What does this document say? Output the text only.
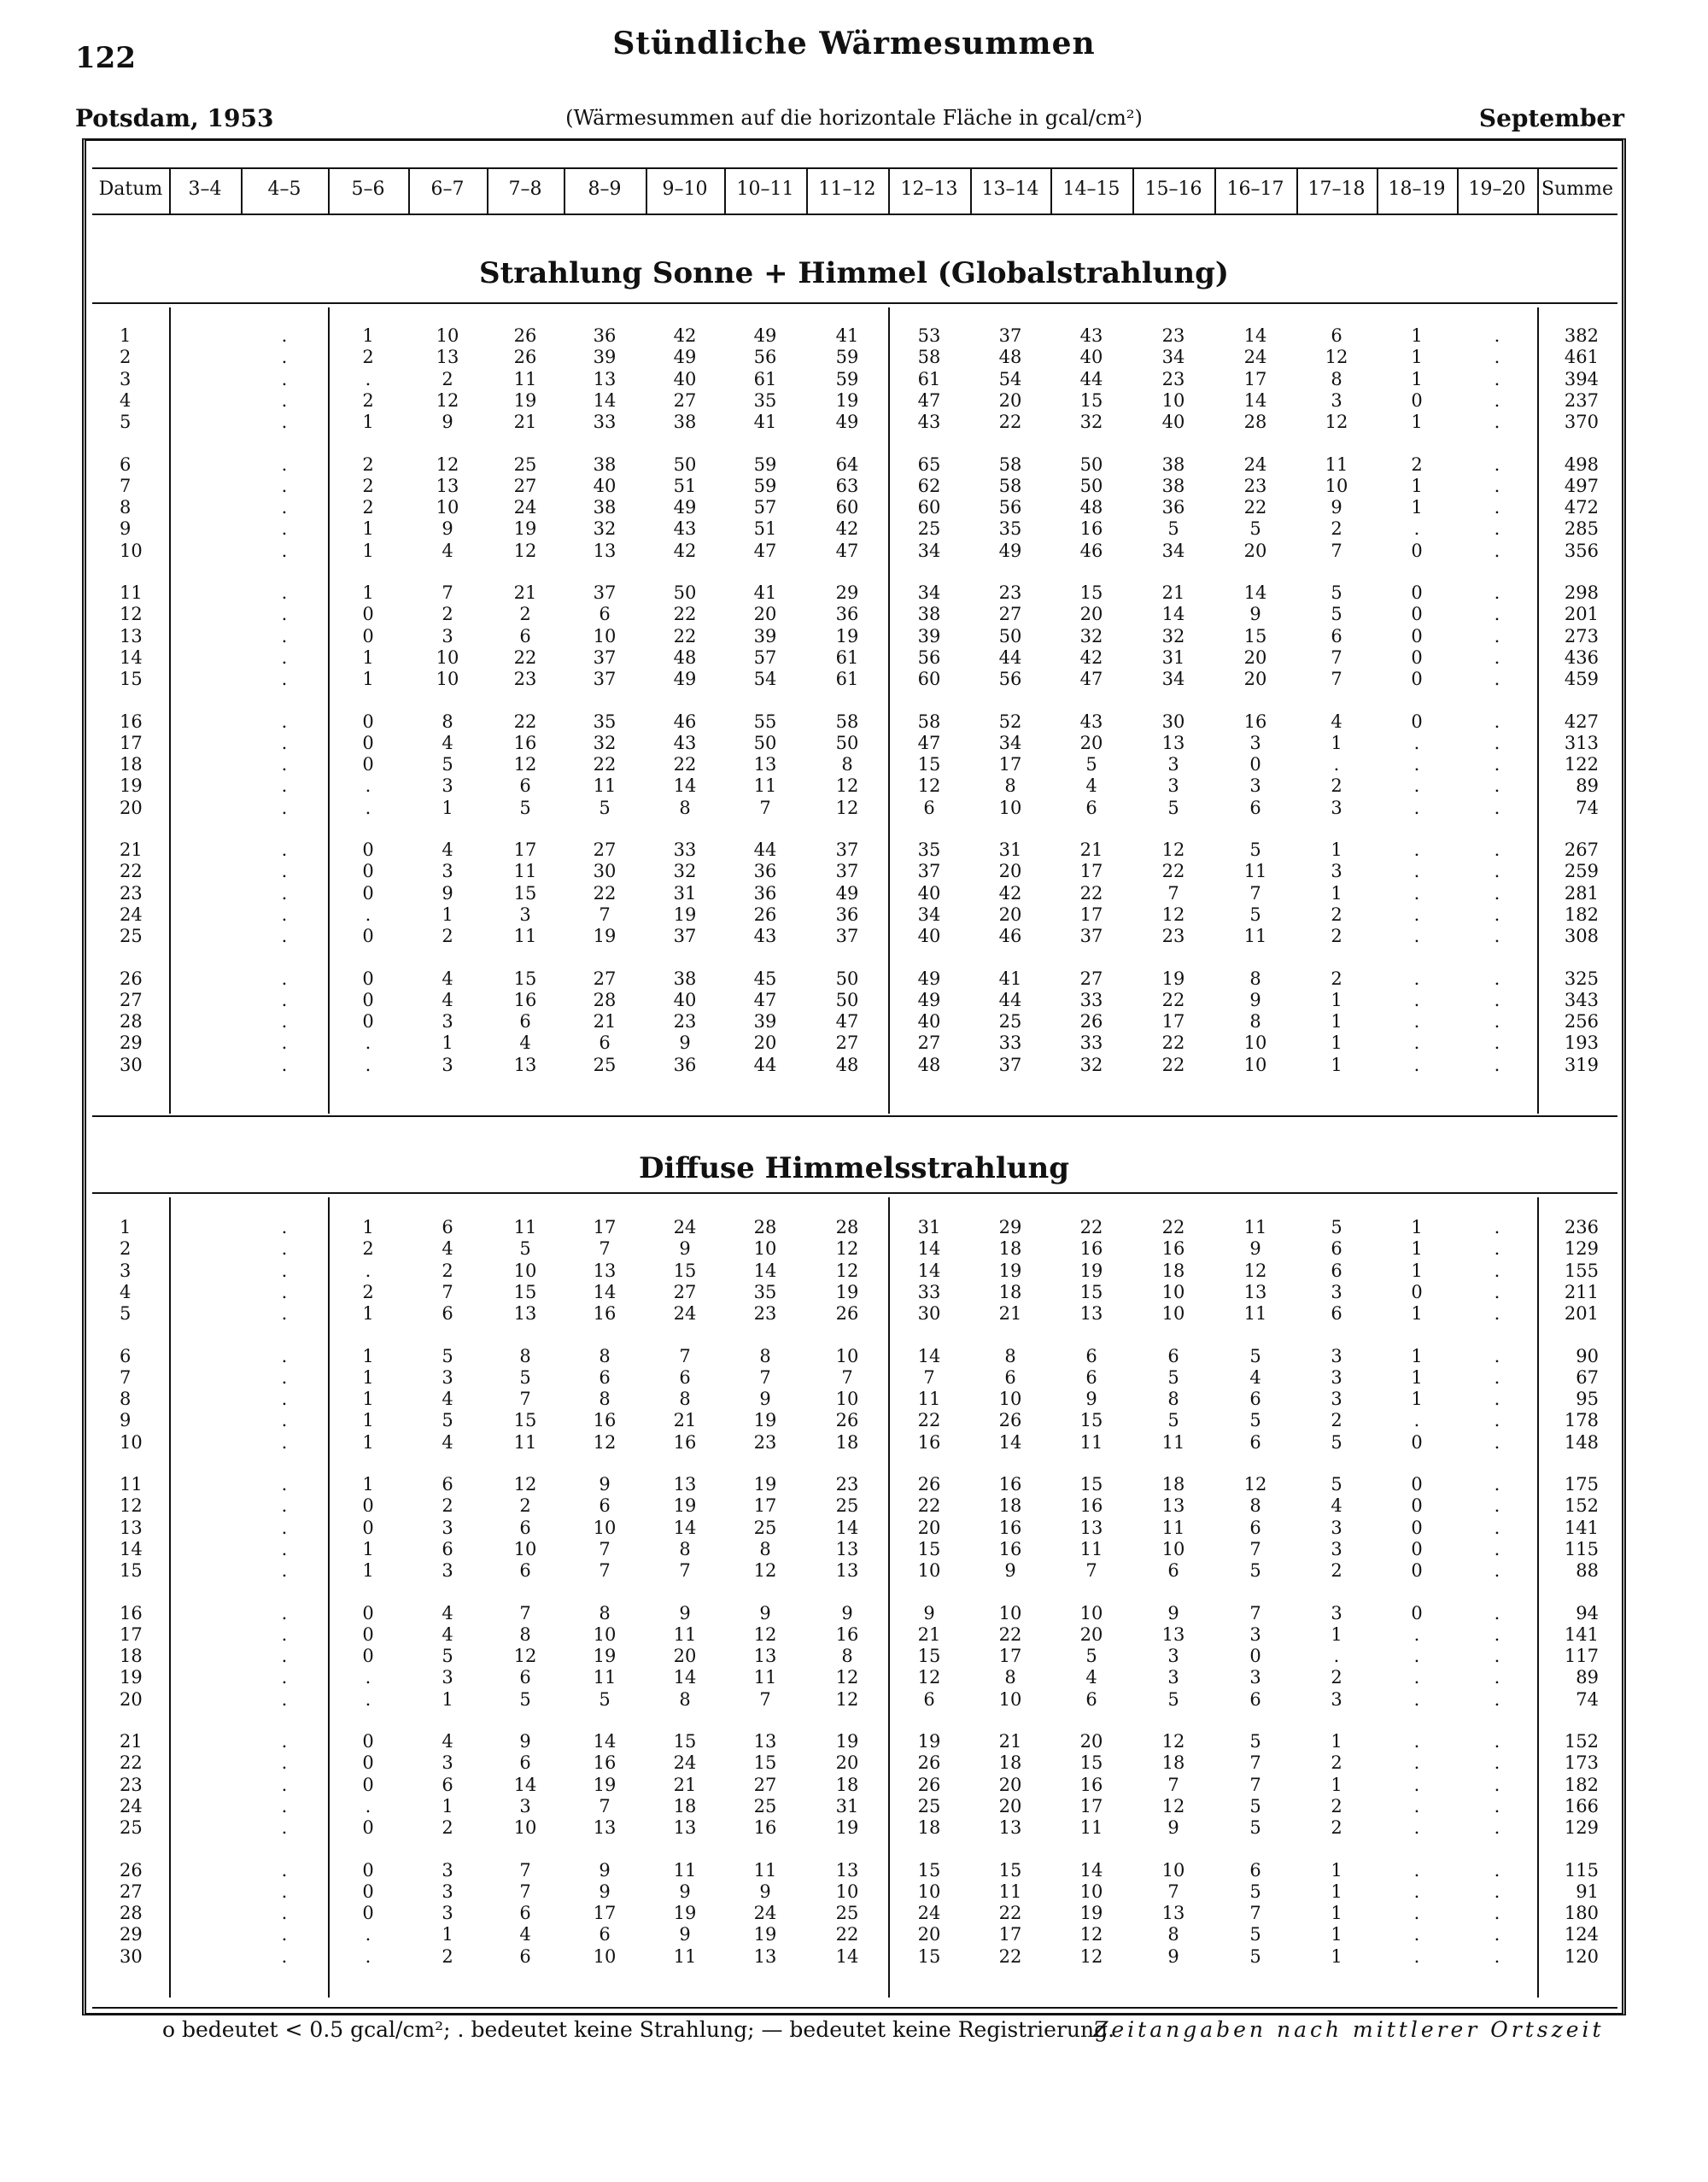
122	Stündliche Wärmesummen
Potsdam, 1953	(Wärmesummen auf die horizontale Fläche in gcal/cm²)	September
Datum	3–4	4–5	5–6	6–7	7–8	8–9	9–10	10–11	11–12	12–13	13–14	14–15	15–16	16–17	17–18	18–19	19–20 Summe
Strahlung Sonne + Himmel (Globalstrahlung)
1	.	1	10	26	36	42	49	41	53	37	43	23	14	6	1	.	382
2	.	2	13	26	39	49	56	59	58	48	40	34	24	12	1	.	461
3	.	.	2	11	13	40	61	59	61	54	44	23	17	8	1	.	394
4	.	2	12	19	14	27	35	19	47	20	15	10	14	3	0	.	237
5	.	1	9	21	33	38	41	49	43	22	32	40	28	12	1	.	370
6	.	2	12	25	38	50	59	64	65	58	50	38	24	11	2	.	498
7	.	2	13	27	40	51	59	63	62	58	50	38	23	10	1	.	497
8	.	2	10	24	38	49	57	60	60	56	48	36	22	9	1	.	472
9	.	1	9	19	32	43	51	42	25	35	16	5	5	2	.	.	285
10	.	1	4	12	13	42	47	47	34	49	46	34	20	7	0	.	356
11	.	1	7	21	37	50	41	29	34	23	15	21	14	5	0	.	298
12	.	0	2	2	6	22	20	36	38	27	20	14	9	5	0	.	201
13	.	0	3	6	10	22	39	19	39	50	32	32	15	6	0	.	273
14	.	1	10	22	37	48	57	61	56	44	42	31	20	7	0	.	436
15	.	1	10	23	37	49	54	61	60	56	47	34	20	7	0	.	459
16	.	0	8	22	35	46	55	58	58	52	43	30	16	4	0	.	427
17	.	0	4	16	32	43	50	50	47	34	20	13	3	1	.	.	313
18	.	0	5	12	22	22	13	8	15	17	5	3	0	.	.	.	122
19	.	.	3	6	11	14	11	12	12	8	4	3	3	2	.	.	89
20	.	.	1	5	5	8	7	12	6	10	6	5	6	3	.	.	74
21	.	0	4	17	27	33	44	37	35	31	21	12	5	1	.	.	267
22	.	0	3	11	30	32	36	37	37	20	17	22	11	3	.	.	259
23	.	0	9	15	22	31	36	49	40	42	22	7	7	1	.	.	281
24	.	.	1	3	7	19	26	36	34	20	17	12	5	2	.	.	182
25	.	0	2	11	19	37	43	37	40	46	37	23	11	2	.	.	308
26	.	0	4	15	27	38	45	50	49	41	27	19	8	2	.	.	325
27	.	0	4	16	28	40	47	50	49	44	33	22	9	1	.	.	343
28	.	0	3	6	21	23	39	47	40	25	26	17	8	1	.	.	256
29	.	.	1	4	6	9	20	27	27	33	33	22	10	1	.	.	193
30	.	.	3	13	25	36	44	48	48	37	32	22	10	1	.	.	319
Diffuse Himmelsstrahlung
1	.	1	6	11	17	24	28	28	31	29	22	22	11	5	1	.	236
2	.	2	4	5	7	9	10	12	14	18	16	16	9	6	1	.	129
3	.	.	2	10	13	15	14	12	14	19	19	18	12	6	1	.	155
4	.	2	7	15	14	27	35	19	33	18	15	10	13	3	0	.	211
5	.	1	6	13	16	24	23	26	30	21	13	10	11	6	1	.	201
6	.	1	5	8	8	7	8	10	14	8	6	6	5	3	1	.	90
7	.	1	3	5	6	6	7	7	7	6	6	5	4	3	1	.	67
8	.	1	4	7	8	8	9	10	11	10	9	8	6	3	1	.	95
9	.	1	5	15	16	21	19	26	22	26	15	5	5	2	.	.	178
10	.	1	4	11	12	16	23	18	16	14	11	11	6	5	0	.	148
11	.	1	6	12	9	13	19	23	26	16	15	18	12	5	0	.	175
12	.	0	2	2	6	19	17	25	22	18	16	13	8	4	0	.	152
13	.	0	3	6	10	14	25	14	20	16	13	11	6	3	0	.	141
14	.	1	6	10	7	8	8	13	15	16	11	10	7	3	0	.	115
15	.	1	3	6	7	7	12	13	10	9	7	6	5	2	0	.	88
16	.	0	4	7	8	9	9	9	9	10	10	9	7	3	0	.	94
17	.	0	4	8	10	11	12	16	21	22	20	13	3	1	.	.	141
18	.	0	5	12	19	20	13	8	15	17	5	3	0	.	.	.	117
19	.	.	3	6	11	14	11	12	12	8	4	3	3	2	.	.	89
20	.	.	1	5	5	8	7	12	6	10	6	5	6	3	.	.	74
21	.	0	4	9	14	15	13	19	19	21	20	12	5	1	.	.	152
22	.	0	3	6	16	24	15	20	26	18	15	18	7	2	.	.	173
23	.	0	6	14	19	21	27	18	26	20	16	7	7	1	.	.	182
24	.	.	1	3	7	18	25	31	25	20	17	12	5	2	.	.	166
25	.	0	2	10	13	13	16	19	18	13	11	9	5	2	.	.	129
26	.	0	3	7	9	11	11	13	15	15	14	10	6	1	.	.	115
27	.	0	3	7	9	9	9	10	10	11	10	7	5	1	.	.	91
28	.	0	3	6	17	19	24	25	24	22	19	13	7	1	.	.	180
29	.	.	1	4	6	9	19	22	20	17	12	8	5	1	.	.	124
30	.	.	2	6	10	11	13	14	15	22	12	9	5	1	.	.	120
o bedeutet < 0.5 gcal/cm²; . bedeutet keine Strahlung; — bedeutet keine Registrierung.
Zeitangaben nach mittlerer Ortszeit
